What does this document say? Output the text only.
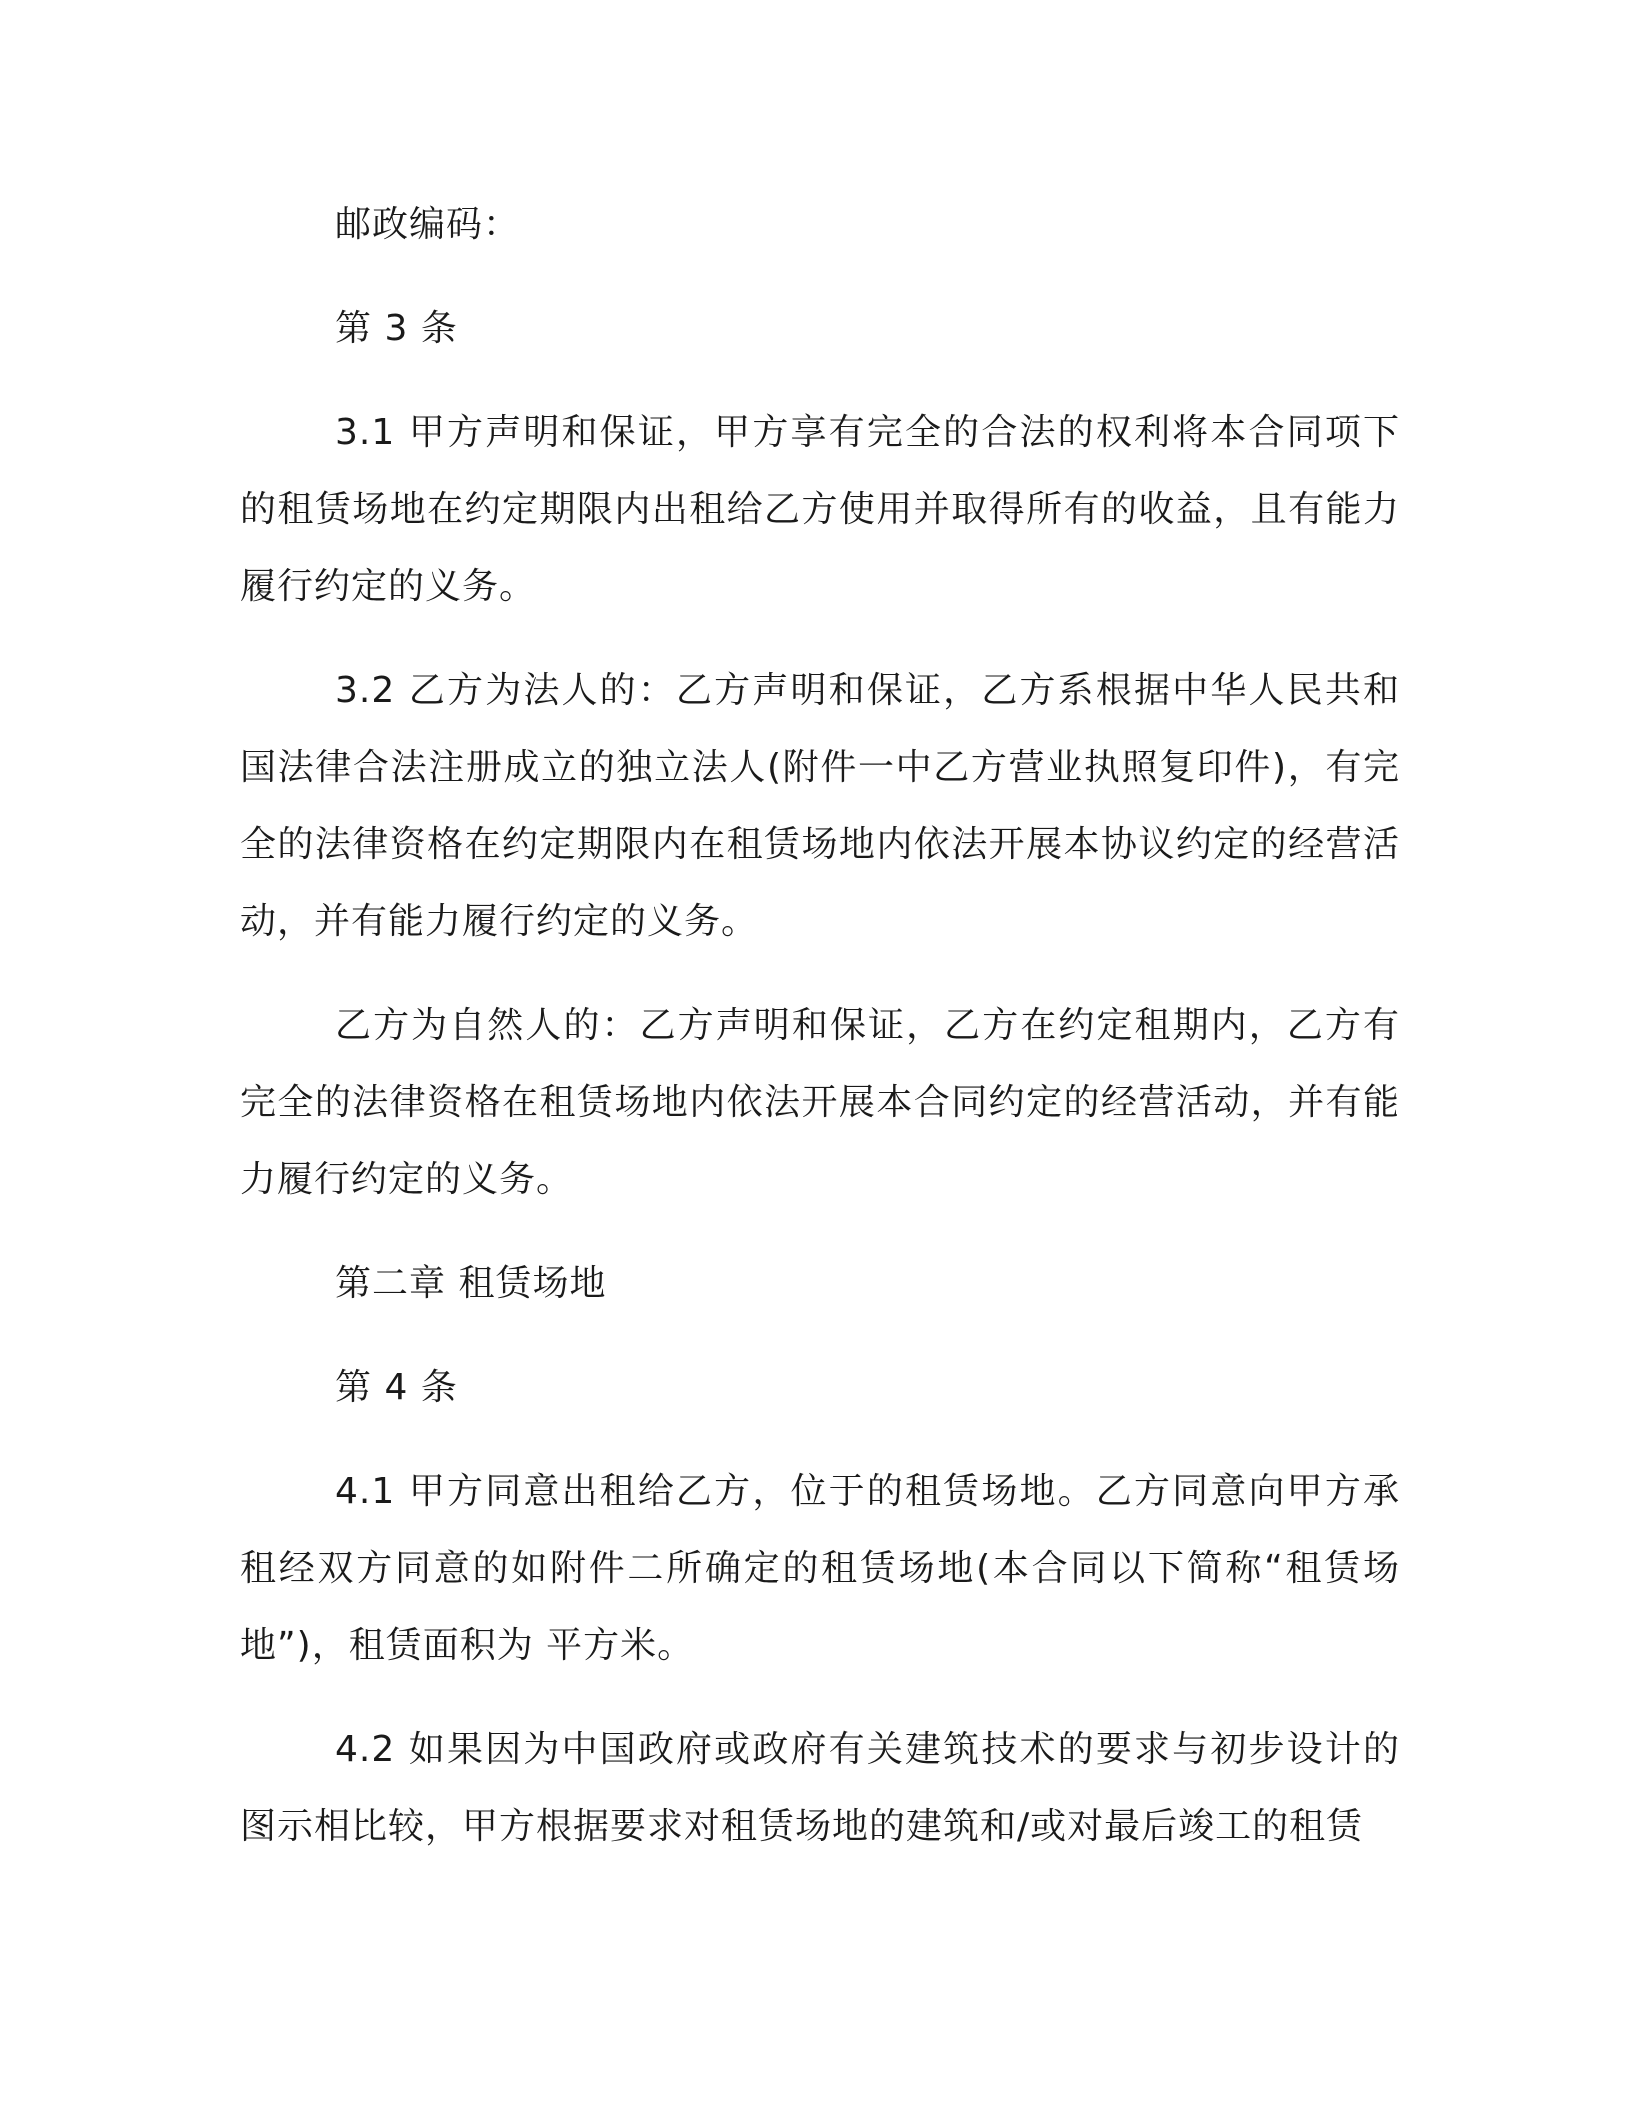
邮政编码：

第 3 条

3.1 甲方声明和保证，甲方享有完全的合法的权利将本合同项下的租赁场地在约定期限内出租给乙方使用并取得所有的收益，且有能力履行约定的义务。

3.2 乙方为法人的：乙方声明和保证，乙方系根据中华人民共和国法律合法注册成立的独立法人(附件一中乙方营业执照复印件)，有完全的法律资格在约定期限内在租赁场地内依法开展本协议约定的经营活动，并有能力履行约定的义务。

乙方为自然人的：乙方声明和保证，乙方在约定租期内，乙方有完全的法律资格在租赁场地内依法开展本合同约定的经营活动，并有能力履行约定的义务。

第二章 租赁场地

第 4 条

4.1 甲方同意出租给乙方，位于的租赁场地。乙方同意向甲方承租经双方同意的如附件二所确定的租赁场地(本合同以下简称“租赁场地”)，租赁面积为 平方米。

4.2 如果因为中国政府或政府有关建筑技术的要求与初步设计的图示相比较，甲方根据要求对租赁场地的建筑和/或对最后竣工的租赁
